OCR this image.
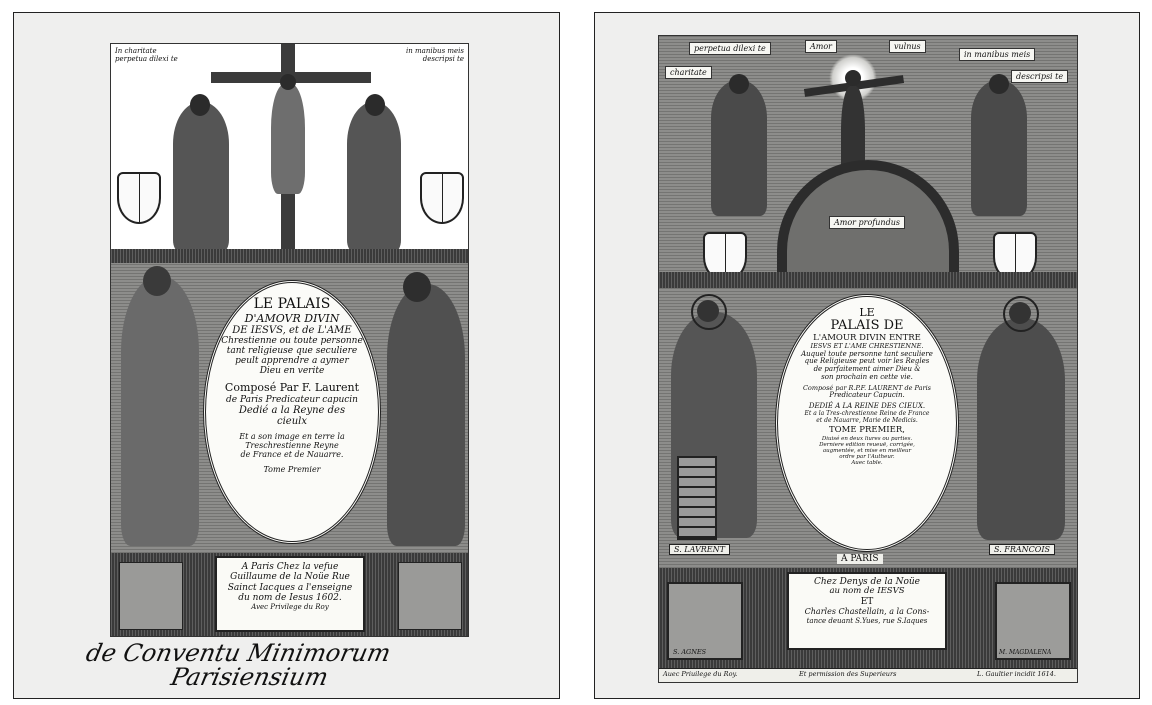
In charitate perpetua dilexi te
in manibus meis descripsi te
LE PALAIS
D'AMOVR DIVIN
DE IESVS, et de L'AME
Chrestienne ou toute personne
tant religieuse que seculiere
peult apprendre a aymer
Dieu en verite
Composé Par F. Laurent
de Paris Predicateur capucin
Dedié a la Reyne des
cieulx
Et a son image en terre la
Treschrestienne Reyne
de France et de Nauarre.
Tome Premier
A Paris Chez la vefue
Guillaume de la Noüe Rue
Sainct Iacques a l'enseigne
du nom de Iesus 1602.
Avec Privilege du Roy
de Conventu Minimorum
Parisiensium
perpetua dilexi te	Amor	vulnus
in manibus meis
charitate	descripsi te
Amor profundus
S. LAVRENT	S. FRANCOIS
LE
PALAIS DE
L'AMOUR DIVIN ENTRE
IESVS ET L'AME CHRESTIENNE.
Auquel toute personne tant seculiere
que Religieuse peut voir les Regles
de parfaitement aimer Dieu &
son prochain en cette vie.
Composé par R.P.F. LAURENT de Paris
Predicateur Capucin.
DEDIÉ A LA REINE DES CIEUX.
Et a la Tres-chrestienne Reine de France
et de Nauarre, Marie de Medicis.
TOME PREMIER,
Diuisé en deux liures ou parties.
Derniere edition reueuë, corrigée,
augmentée, et mise en meilleur
ordre par l'Autheur.
Auec table.
A PARIS
S. AGNES	M. MAGDALENA
Chez Denys de la Noüe
au nom de IESVS
ET
Charles Chastellain, a la Cons-
tance deuant S.Yues, rue S.Iaques
Auec Priuilege du Roy.	Et permission des Superieurs	L. Gaultier incidit 1614.
